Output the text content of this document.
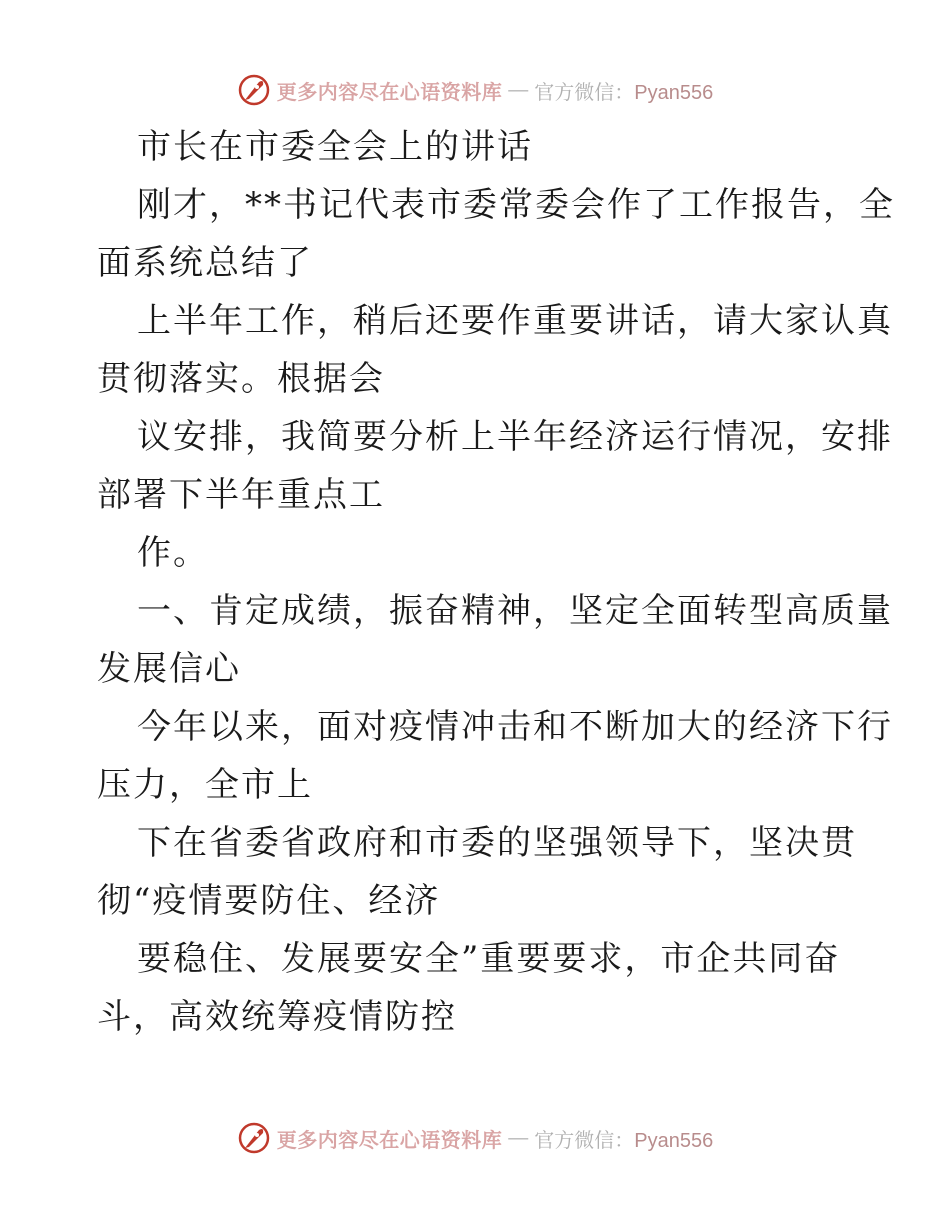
更多内容尽在心语资料库 — 官方微信：Pyan556
市长在市委全会上的讲话
刚才，**书记代表市委常委会作了工作报告，全
面系统总结了
上半年工作，稍后还要作重要讲话，请大家认真
贯彻落实。根据会
议安排，我简要分析上半年经济运行情况，安排
部署下半年重点工
作。
一、肯定成绩，振奋精神，坚定全面转型高质量
发展信心
今年以来，面对疫情冲击和不断加大的经济下行
压力，全市上
下在省委省政府和市委的坚强领导下，坚决贯
彻“疫情要防住、经济
要稳住、发展要安全”重要要求，市企共同奋
斗，高效统筹疫情防控
更多内容尽在心语资料库 — 官方微信：Pyan556
